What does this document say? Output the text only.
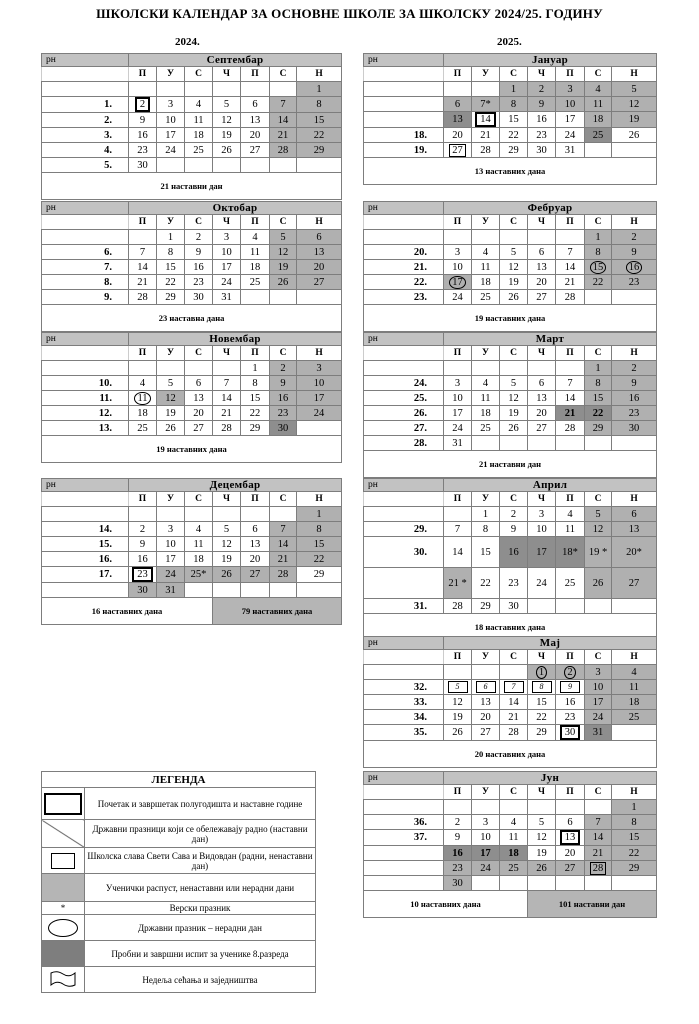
ШКОЛСКИ КАЛЕНДАР ЗА ОСНОВНЕ ШКОЛЕ ЗА ШКОЛСКУ 2024/25. ГОДИНУ
2024.	2025.
рн	Септембар						
	П	У	С	Ч	П	С	Н
							1
1.	2	3	4	5	6	7	8
2.	9	10	11	12	13	14	15
3.	16	17	18	19	20	21	22
4.	23	24	25	26	27	28	29
5.	30						
21 наставни дан							
рн	Октобар						
	П	У	С	Ч	П	С	Н
		1	2	3	4	5	6
6.	7	8	9	10	11	12	13
7.	14	15	16	17	18	19	20
8.	21	22	23	24	25	26	27
9.	28	29	30	31			
23 наставна дана							
рн	Новембар						
	П	У	С	Ч	П	С	Н
					1	2	3
10.	4	5	6	7	8	9	10
11.	11	12	13	14	15	16	17
12.	18	19	20	21	22	23	24
13.	25	26	27	28	29	30	
19 наставних дана							
рн	Децембар						
	П	У	С	Ч	П	С	Н
							1
14.	2	3	4	5	6	7	8
15.	9	10	11	12	13	14	15
16.	16	17	18	19	20	21	22
17.	23	24	25*	26	27	28	29
	30	31					
16 наставних дана				79 наставних дана			
рн	Јануар						
	П	У	С	Ч	П	С	Н
			1	2	3	4	5
	6	7*	8	9	10	11	12
	13	14	15	16	17	18	19
18.	20	21	22	23	24	25	26
19.	27	28	29	30	31		
13 наставних дана							
рн	Фебруар						
	П	У	С	Ч	П	С	Н
						1	2
20.	3	4	5	6	7	8	9
21.	10	11	12	13	14	15	16
22.	17	18	19	20	21	22	23
23.	24	25	26	27	28		
19 наставних дана							
рн	Март						
	П	У	С	Ч	П	С	Н
						1	2
24.	3	4	5	6	7	8	9
25.	10	11	12	13	14	15	16
26.	17	18	19	20	21	22	23
27.	24	25	26	27	28	29	30
28.	31						
21 наставни дан							
рн	Април						
	П	У	С	Ч	П	С	Н
		1	2	3	4	5	6
29.	7	8	9	10	11	12	13
30.	14	15	16	17	18*	19 *	20*
	21 *	22	23	24	25	26	27
31.	28	29	30				
18 наставних дана							
рн	Мај						
	П	У	С	Ч	П	С	Н
				1	2	3	4
32.	5	6	7	8	9	10	11
33.	12	13	14	15	16	17	18
34.	19	20	21	22	23	24	25
35.	26	27	28	29	30	31	
20 наставних дана							
рн	Јун						
	П	У	С	Ч	П	С	Н
							1
36.	2	3	4	5	6	7	8
37.	9	10	11	12	13	14	15
	16	17	18	19	20	21	22
	23	24	25	26	27	28	29
	30						
10 наставних дана				101 наставни дан			
ЛЕГЕНДА	

	Почетак и завршетак полугодишта и наставне године
	Државни празници који се обележавају радно (наставни дан)

	Школска слава Свети Сава и Видовдан (радни, ненаставни дан)
	Ученички распуст, ненаставни или нерадни дани
*	Верски празник

	Државни празник – нерадни дан
	Пробни и завршни испит за ученике 8.разреда
	Недеља сећања и заједништва
